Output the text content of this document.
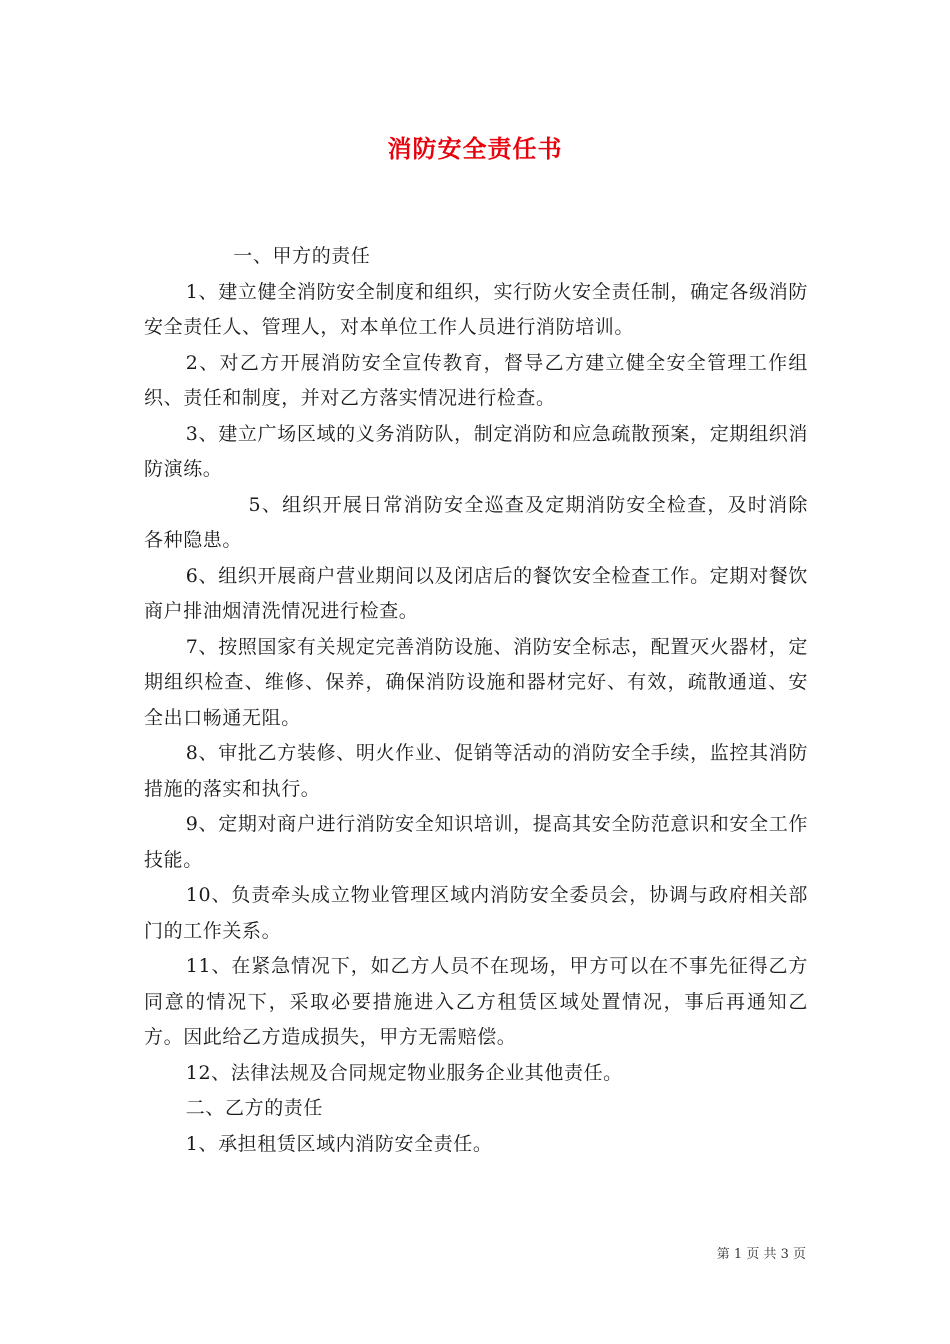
消防安全责任书

一、甲方的责任

1、建立健全消防安全制度和组织，实行防火安全责任制，确定各级消防安全责任人、管理人，对本单位工作人员进行消防培训。

2、对乙方开展消防安全宣传教育，督导乙方建立健全安全管理工作组织、责任和制度，并对乙方落实情况进行检查。

3、建立广场区域的义务消防队，制定消防和应急疏散预案，定期组织消防演练。

5、组织开展日常消防安全巡查及定期消防安全检查，及时消除各种隐患。

6、组织开展商户营业期间以及闭店后的餐饮安全检查工作。定期对餐饮商户排油烟清洗情况进行检查。

7、按照国家有关规定完善消防设施、消防安全标志，配置灭火器材，定期组织检查、维修、保养，确保消防设施和器材完好、有效，疏散通道、安全出口畅通无阻。

8、审批乙方装修、明火作业、促销等活动的消防安全手续，监控其消防措施的落实和执行。

9、定期对商户进行消防安全知识培训，提高其安全防范意识和安全工作技能。

10、负责牵头成立物业管理区域内消防安全委员会，协调与政府相关部门的工作关系。

11、在紧急情况下，如乙方人员不在现场，甲方可以在不事先征得乙方同意的情况下，采取必要措施进入乙方租赁区域处置情况，事后再通知乙方。因此给乙方造成损失，甲方无需赔偿。

12、法律法规及合同规定物业服务企业其他责任。

二、乙方的责任

1、承担租赁区域内消防安全责任。

第 1 页 共 3 页
